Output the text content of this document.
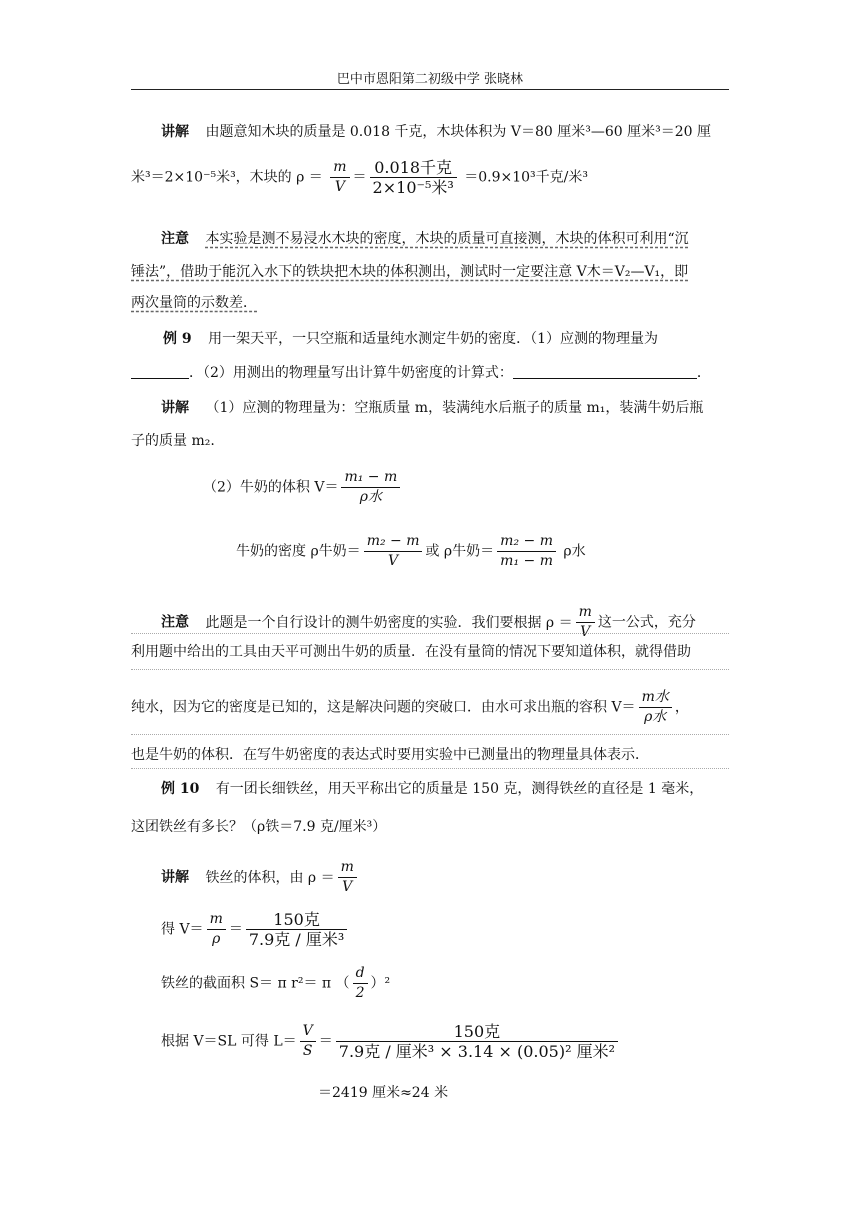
巴中市恩阳第二初级中学 张晓林
讲解 由题意知木块的质量是 0.018 千克，木块体积为 V＝80 厘米³—60 厘米³＝20 厘
米³＝2×10⁻⁵米³，木块的 $\rho = \frac{m}{V} = \frac{\text{0.018千克}}{\text{2×10⁻⁵米³}} =0.9\times 10^3$千克/米³
注意 本实验是测不易浸水木块的密度，木块的质量可直接测，木块的体积可利用“沉
锤法”，借助于能沉入水下的铁块把木块的体积测出，测试时一定要注意 V木＝V₂—V₁，即
两次量筒的示数差．
例 9 用一架天平，一只空瓶和适量纯水测定牛奶的密度．（1）应测的物理量为
．（2）用测出的物理量写出计算牛奶密度的计算式：	．
讲解 （1）应测的物理量为：空瓶质量 m，装满纯水后瓶子的质量 m₁，装满牛奶后瓶
子的质量 m₂.
（2）牛奶的体积 $V= \frac{\text{m₁ − m}}{\text{ρ水}}$
牛奶的密度 ρ牛奶＝ $\frac{\text{m₂ − m}}{V}$ 或 ρ牛奶＝ $\frac{\text{m₂ − m}}{\text{m₁ − m}}$ ρ水
注意 此题是一个自行设计的测牛奶密度的实验．我们要根据 $\rho = \frac{m}{V}$ 这一公式，充分
利用题中给出的工具由天平可测出牛奶的质量．在没有量筒的情况下要知道体积，就得借助
纯水，因为它的密度是已知的，这是解决问题的突破口．由水可求出瓶的容积 $V= \frac{\text{m水}}{\text{ρ水}}$ ，
也是牛奶的体积．在写牛奶密度的表达式时要用实验中已测量出的物理量具体表示．
例 10 有一团长细铁丝，用天平称出它的质量是 150 克，测得铁丝的直径是 1 毫米，
这团铁丝有多长？（ρ铁＝7.9 克/厘米³）
讲解 铁丝的体积，由 $\rho = \frac{m}{V}$
得 $V= \frac{m}{\rho} = \frac{\text{150克}}{\text{7.9克 / 厘米³}}$
铁丝的截面积 S＝ π r²＝ π （ $\frac{d}{2} )^2$
根据 V＝SL 可得 $L= \frac{V}{S} = \frac{\text{150克}}{\text{7.9克 / 厘米³ × 3.14 × (0.05)² 厘米²}}$
＝2419 厘米≈24 米
